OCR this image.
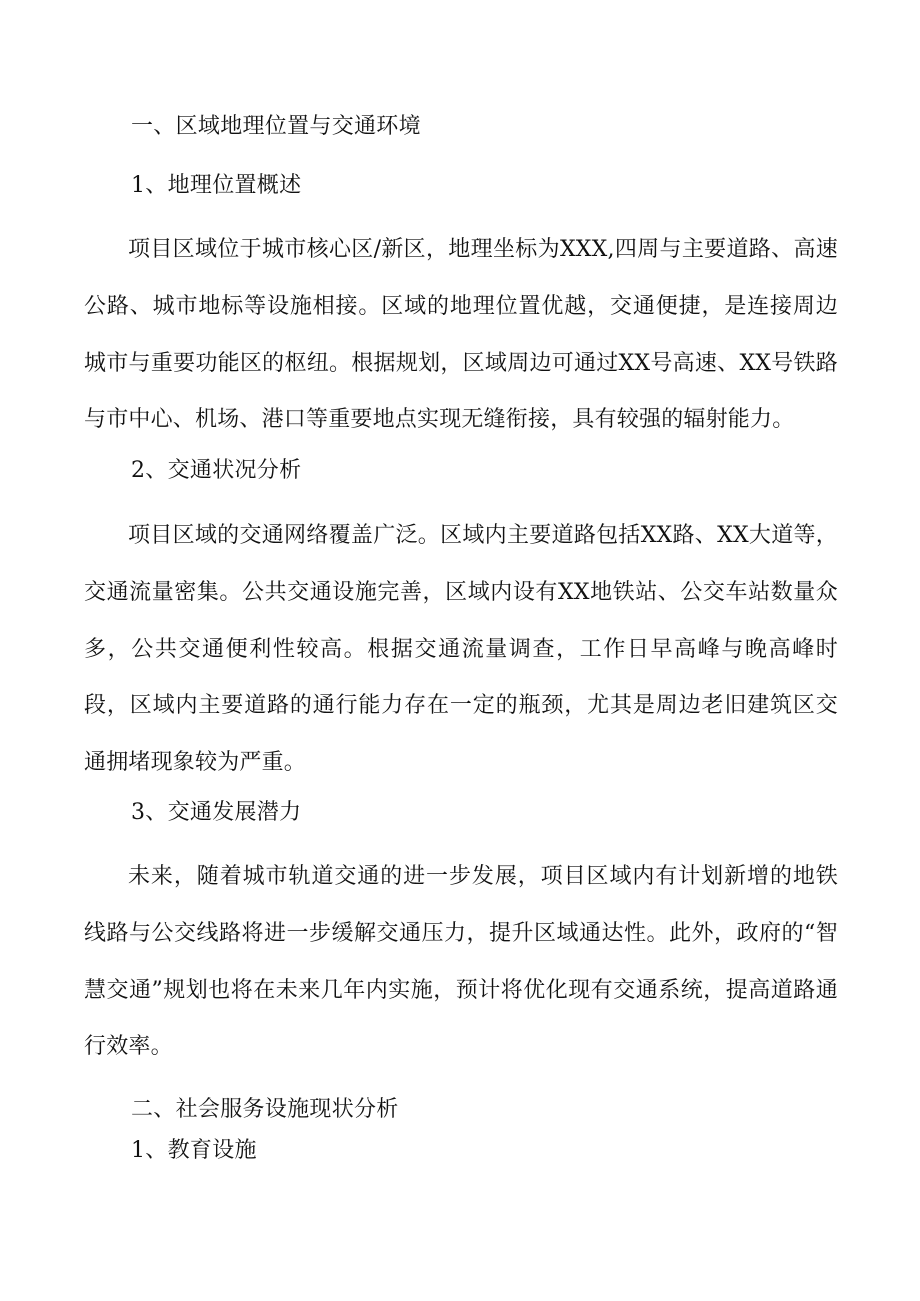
一、区域地理位置与交通环境
1、地理位置概述
项目区域位于城市核心区/新区，地理坐标为XXX,四周与主要道路、高速公路、城市地标等设施相接。区域的地理位置优越，交通便捷，是连接周边城市与重要功能区的枢纽。根据规划，区域周边可通过XX号高速、XX号铁路与市中心、机场、港口等重要地点实现无缝衔接，具有较强的辐射能力。
2、交通状况分析
项目区域的交通网络覆盖广泛。区域内主要道路包括XX路、XX大道等，交通流量密集。公共交通设施完善，区域内设有XX地铁站、公交车站数量众多，公共交通便利性较高。根据交通流量调查，工作日早高峰与晚高峰时段，区域内主要道路的通行能力存在一定的瓶颈，尤其是周边老旧建筑区交通拥堵现象较为严重。
3、交通发展潜力
未来，随着城市轨道交通的进一步发展，项目区域内有计划新增的地铁线路与公交线路将进一步缓解交通压力，提升区域通达性。此外，政府的“智慧交通”规划也将在未来几年内实施，预计将优化现有交通系统，提高道路通行效率。
二、社会服务设施现状分析
1、教育设施
